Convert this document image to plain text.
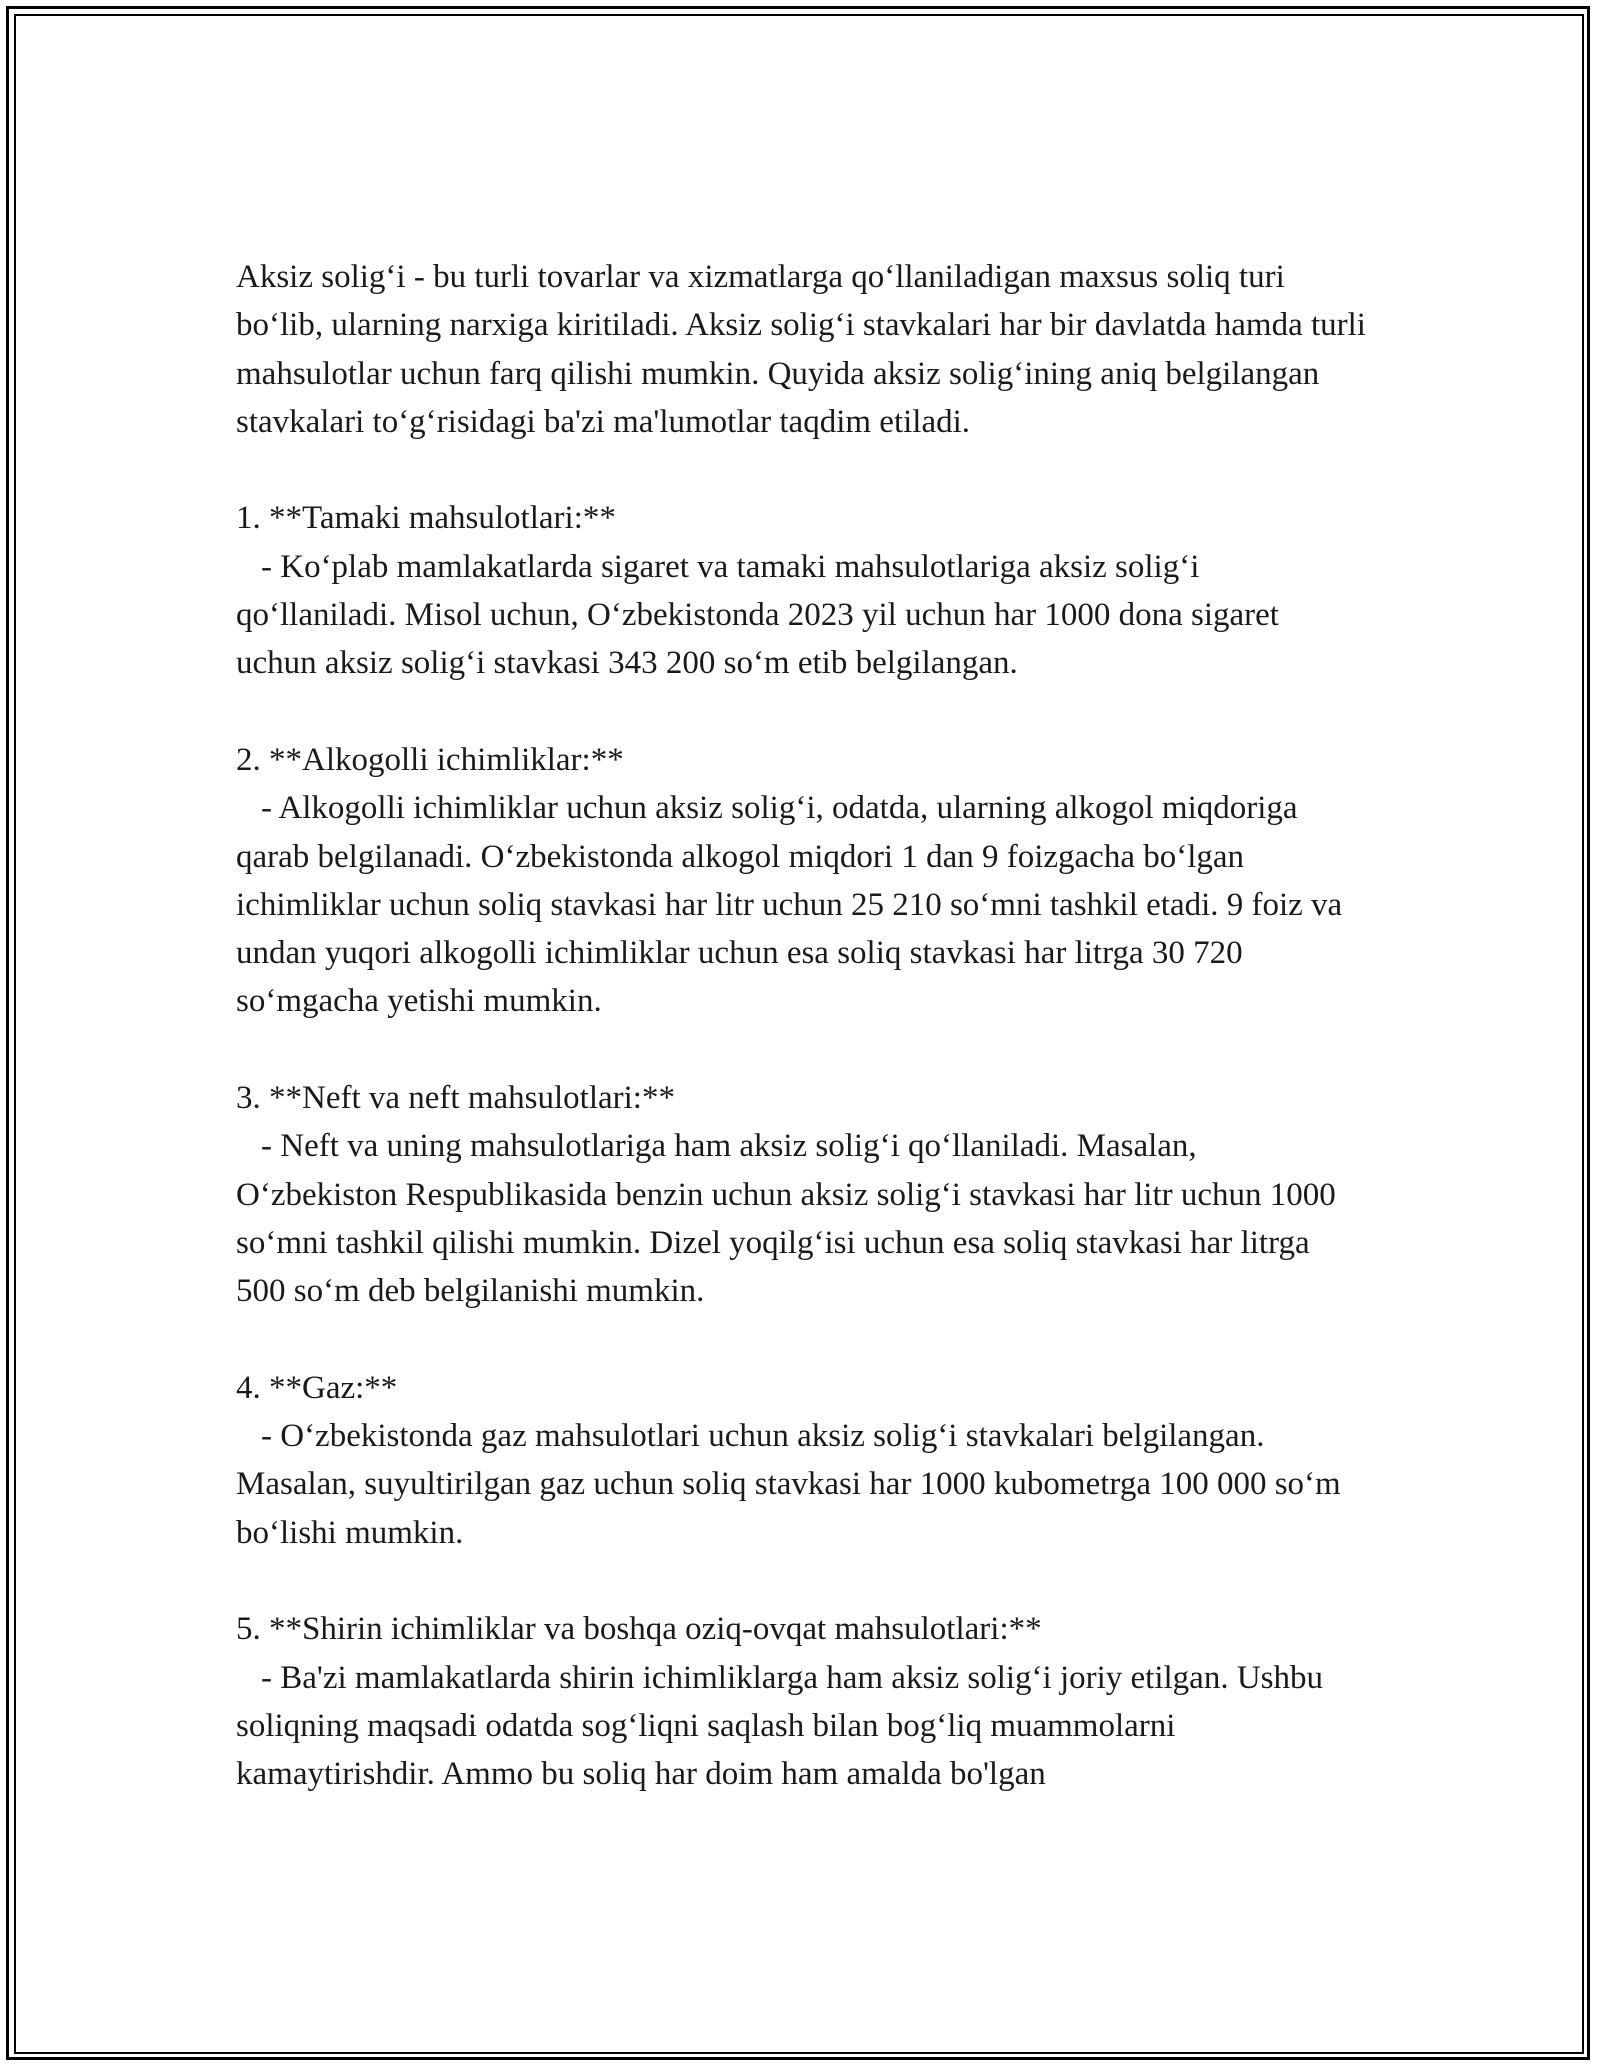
Aksiz solig‘i - bu turli tovarlar va xizmatlarga qo‘llaniladigan maxsus soliq turi bo‘lib, ularning narxiga kiritiladi. Aksiz solig‘i stavkalari har bir davlatda hamda turli mahsulotlar uchun farq qilishi mumkin. Quyida aksiz solig‘ining aniq belgilangan stavkalari to‘g‘risidagi ba'zi ma'lumotlar taqdim etiladi.

1. **Tamaki mahsulotlari:**

- Ko‘plab mamlakatlarda sigaret va tamaki mahsulotlariga aksiz solig‘i qo‘llaniladi. Misol uchun, O‘zbekistonda 2023 yil uchun har 1000 dona sigaret uchun aksiz solig‘i stavkasi 343 200 so‘m etib belgilangan.

2. **Alkogolli ichimliklar:**

- Alkogolli ichimliklar uchun aksiz solig‘i, odatda, ularning alkogol miqdoriga qarab belgilanadi. O‘zbekistonda alkogol miqdori 1 dan 9 foizgacha bo‘lgan ichimliklar uchun soliq stavkasi har litr uchun 25 210 so‘mni tashkil etadi. 9 foiz va undan yuqori alkogolli ichimliklar uchun esa soliq stavkasi har litrga 30 720 so‘mgacha yetishi mumkin.

3. **Neft va neft mahsulotlari:**

- Neft va uning mahsulotlariga ham aksiz solig‘i qo‘llaniladi. Masalan, O‘zbekiston Respublikasida benzin uchun aksiz solig‘i stavkasi har litr uchun 1000 so‘mni tashkil qilishi mumkin. Dizel yoqilg‘isi uchun esa soliq stavkasi har litrga 500 so‘m deb belgilanishi mumkin.

4. **Gaz:**

- O‘zbekistonda gaz mahsulotlari uchun aksiz solig‘i stavkalari belgilangan. Masalan, suyultirilgan gaz uchun soliq stavkasi har 1000 kubometrga 100 000 so‘m bo‘lishi mumkin.

5. **Shirin ichimliklar va boshqa oziq-ovqat mahsulotlari:**

- Ba'zi mamlakatlarda shirin ichimliklarga ham aksiz solig‘i joriy etilgan. Ushbu soliqning maqsadi odatda sog‘liqni saqlash bilan bog‘liq muammolarni kamaytirishdir. Ammo bu soliq har doim ham amalda bo'lgan
